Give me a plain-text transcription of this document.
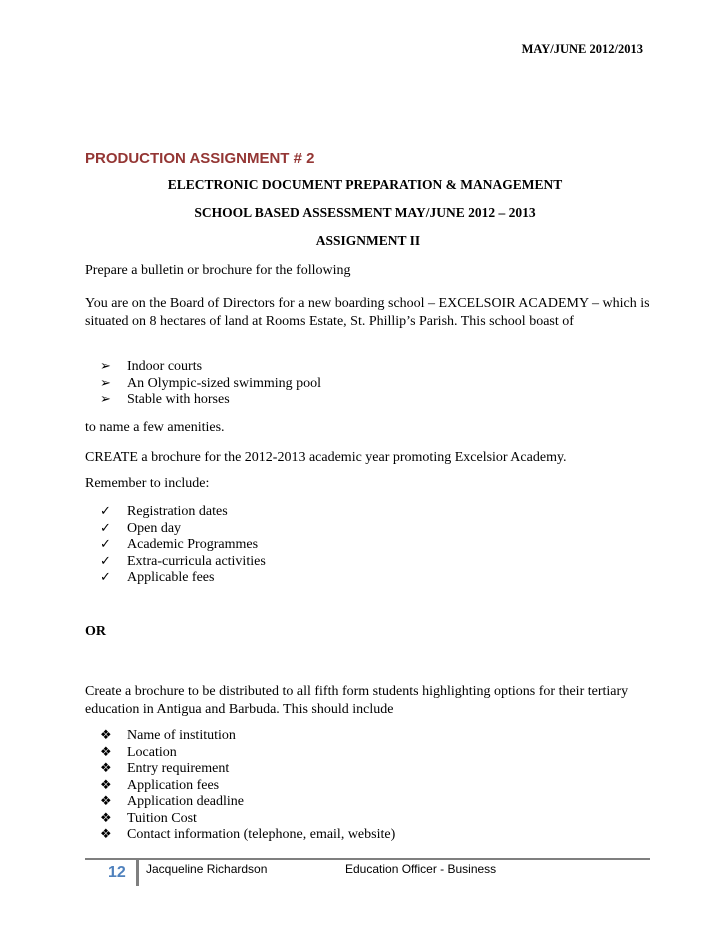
MAY/JUNE 2012/2013
PRODUCTION ASSIGNMENT # 2
ELECTRONIC DOCUMENT PREPARATION & MANAGEMENT
SCHOOL BASED ASSESSMENT MAY/JUNE 2012 – 2013
ASSIGNMENT II
Prepare a bulletin or brochure for the following
You are on the Board of Directors for a new boarding school – EXCELSOIR ACADEMY – which is situated on 8 hectares of land at Rooms Estate, St. Phillip’s Parish. This school boast of
➢	Indoor courts
➢	An Olympic-sized swimming pool
➢	Stable with horses
to name a few amenities.
CREATE a brochure for the 2012-2013 academic year promoting Excelsior Academy.
Remember to include:
✓	Registration dates
✓	Open day
✓	Academic Programmes
✓	Extra-curricula activities
✓	Applicable fees
OR
Create a brochure to be distributed to all fifth form students highlighting options for their tertiary education in Antigua and Barbuda. This should include
❖	Name of institution
❖	Location
❖	Entry requirement
❖	Application fees
❖	Application deadline
❖	Tuition Cost
❖	Contact information (telephone, email, website)
12 Jacqueline Richardson	Education Officer - Business
